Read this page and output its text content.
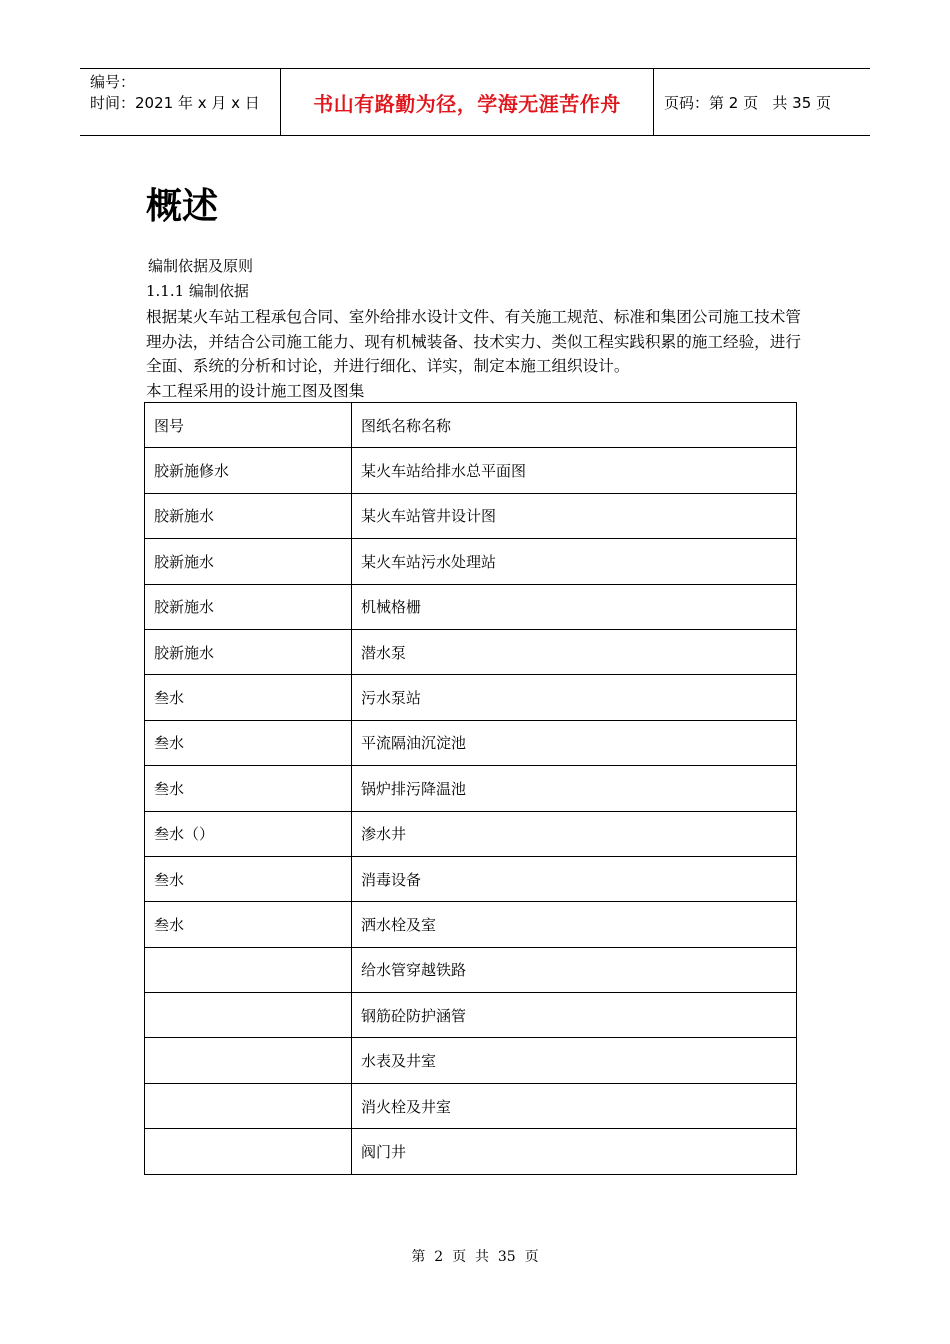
编号：
时间：2021 年 x 月 x 日	书山有路勤为径，学海无涯苦作舟	页码：第 2 页   共 35 页
概述
编制依据及原则
1.1.1 编制依据

根据某火车站工程承包合同、室外给排水设计文件、有关施工规范、标准和集团公司施工技术管理办法，并结合公司施工能力、现有机械装备、技术实力、类似工程实践积累的施工经验，进行全面、系统的分析和讨论，并进行细化、详实，制定本施工组织设计。

本工程采用的设计施工图及图集
图号	图纸名称名称
胶新施修水	某火车站给排水总平面图
胶新施水	某火车站管井设计图
胶新施水	某火车站污水处理站
胶新施水	机械格栅
胶新施水	潜水泵
叁水	污水泵站
叁水	平流隔油沉淀池
叁水	锅炉排污降温池
叁水（）	渗水井
叁水	消毒设备
叁水	洒水栓及室
	给水管穿越铁路
	钢筋砼防护涵管
	水表及井室
	消火栓及井室
	阀门井
第  2  页  共  35  页
